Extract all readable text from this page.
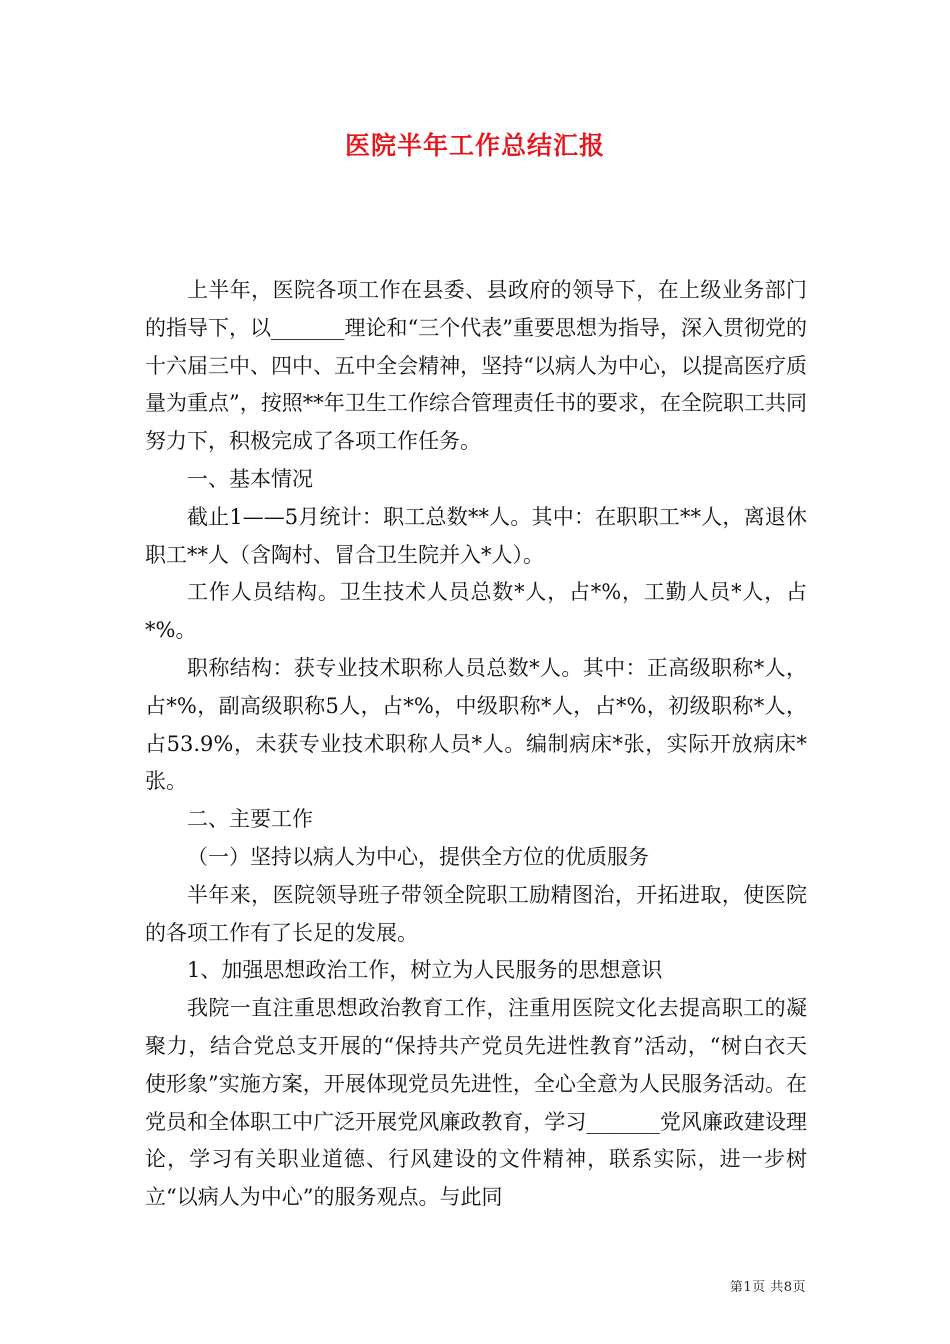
医院半年工作总结汇报

上半年，医院各项工作在县委、县政府的领导下，在上级业务部门的指导下，以_______理论和“三个代表”重要思想为指导，深入贯彻党的十六届三中、四中、五中全会精神，坚持“以病人为中心，以提高医疗质量为重点”，按照**年卫生工作综合管理责任书的要求，在全院职工共同努力下，积极完成了各项工作任务。

一、基本情况

截止1——5月统计：职工总数**人。其中：在职职工**人，离退休职工**人（含陶村、冒合卫生院并入*人）。

工作人员结构。卫生技术人员总数*人，占*%，工勤人员*人，占*%。

职称结构：获专业技术职称人员总数*人。其中：正高级职称*人，占*%，副高级职称5人，占*%，中级职称*人，占*%，初级职称*人，占53.9%，未获专业技术职称人员*人。编制病床*张，实际开放病床*张。

二、主要工作

（一）坚持以病人为中心，提供全方位的优质服务

半年来，医院领导班子带领全院职工励精图治，开拓进取，使医院的各项工作有了长足的发展。

1、加强思想政治工作，树立为人民服务的思想意识

我院一直注重思想政治教育工作，注重用医院文化去提高职工的凝聚力，结合党总支开展的“保持共产党员先进性教育”活动，“树白衣天使形象”实施方案，开展体现党员先进性，全心全意为人民服务活动。在党员和全体职工中广泛开展党风廉政教育，学习_______党风廉政建设理论，学习有关职业道德、行风建设的文件精神，联系实际，进一步树立“以病人为中心”的服务观点。与此同

第1页 共8页
